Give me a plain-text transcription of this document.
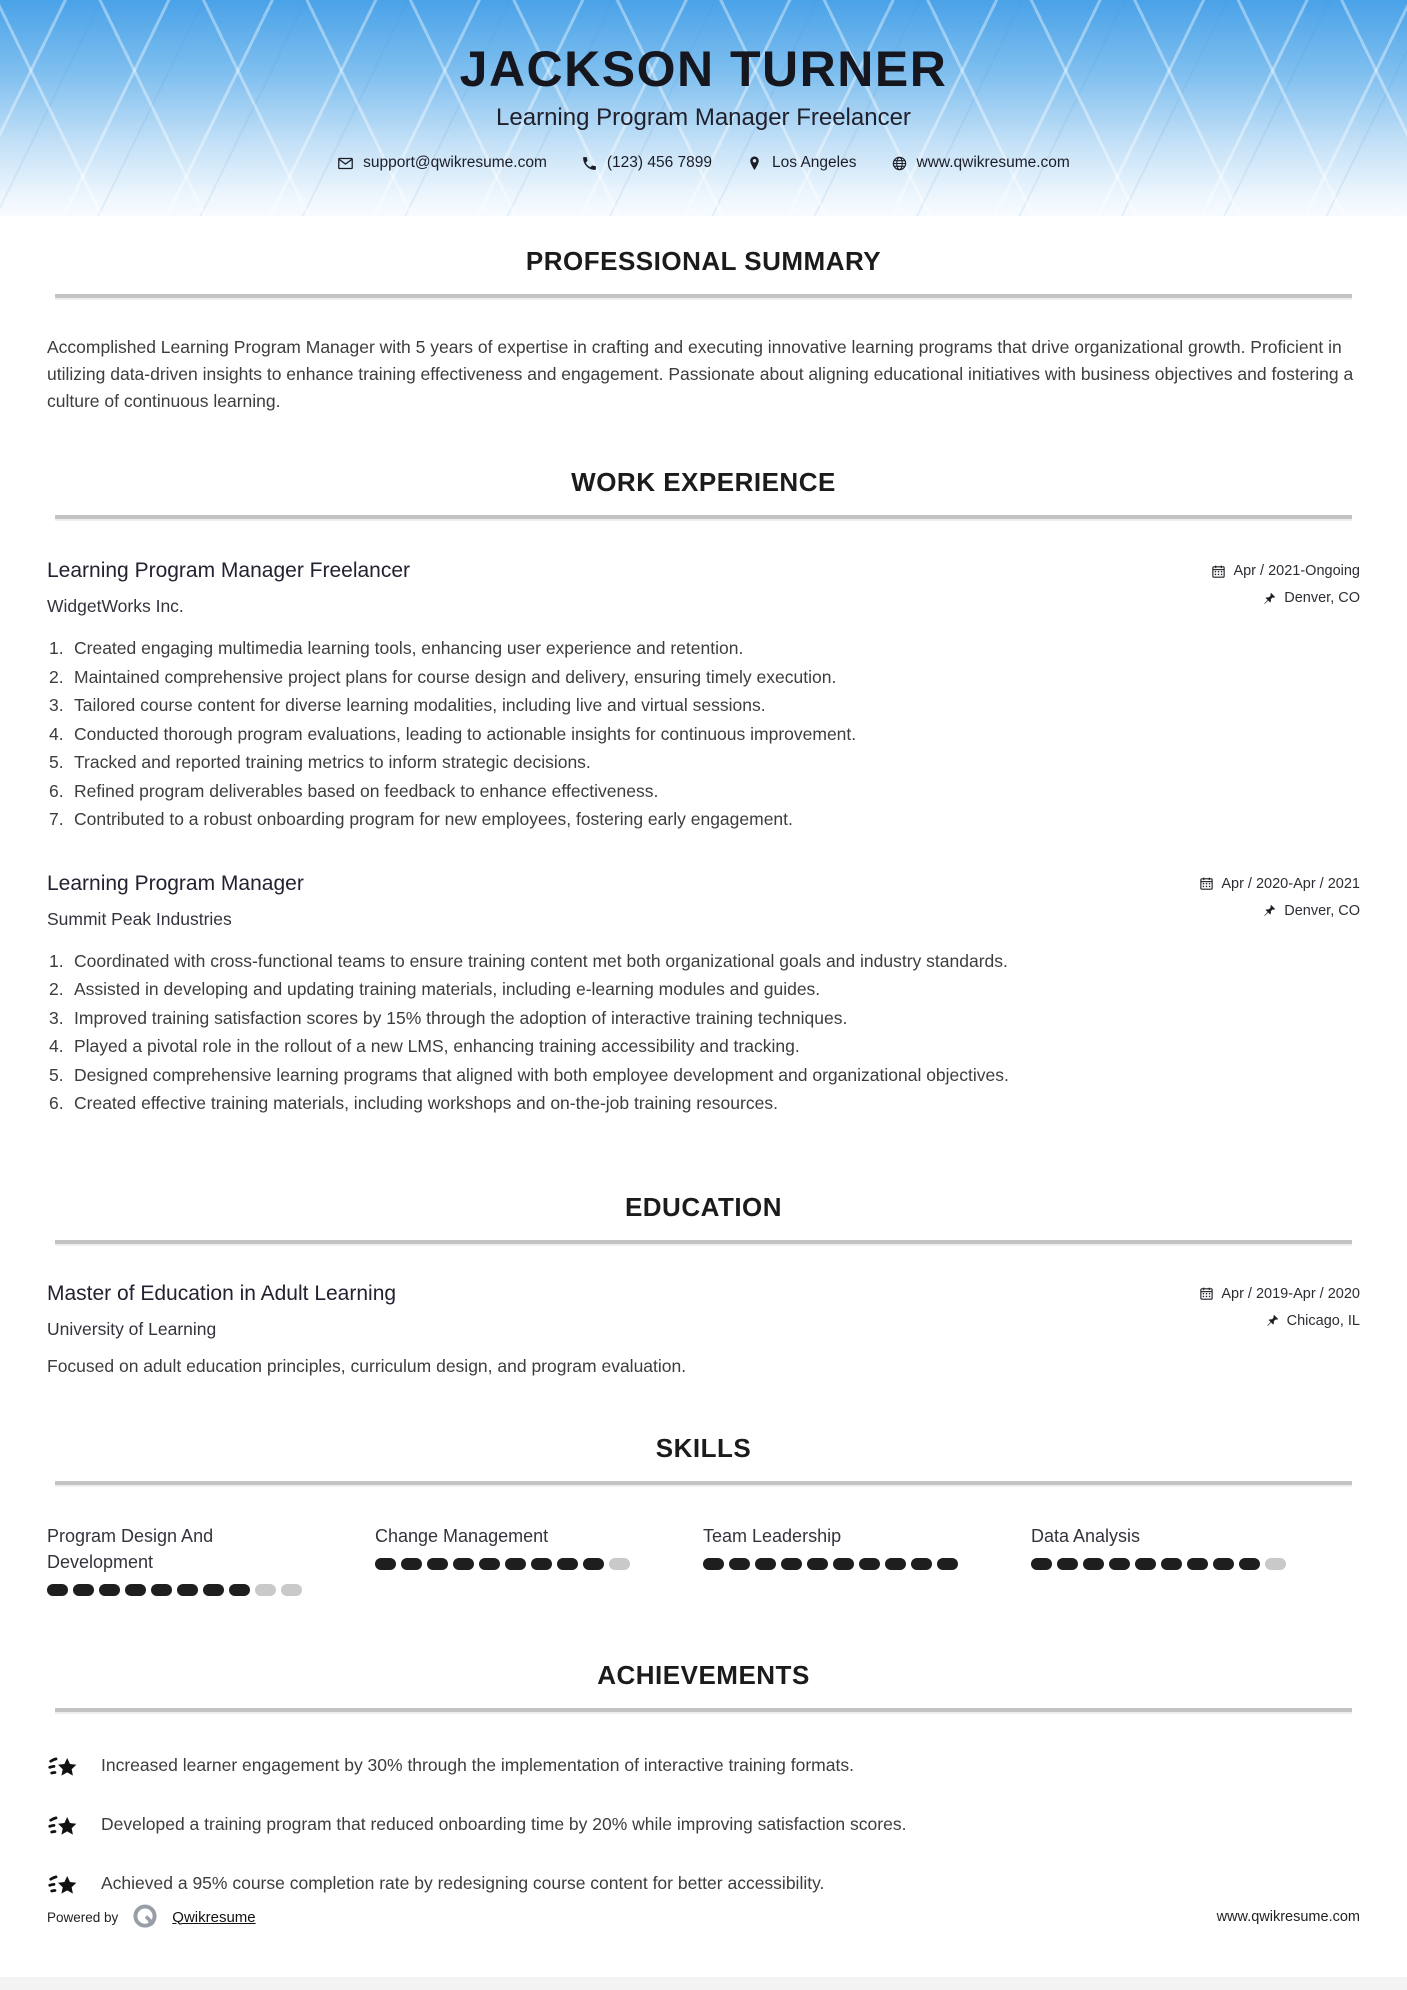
JACKSON TURNER
Learning Program Manager Freelancer
support@qwikresume.com	(123) 456 7899	Los Angeles	www.qwikresume.com
PROFESSIONAL SUMMARY

Accomplished Learning Program Manager with 5 years of expertise in crafting and executing innovative learning programs that drive organizational growth. Proficient in utilizing data-driven insights to enhance training effectiveness and engagement. Passionate about aligning educational initiatives with business objectives and fostering a culture of continuous learning.

WORK EXPERIENCE
Learning Program Manager Freelancer
WidgetWorks Inc.
Apr / 2021-Ongoing
Denver, CO
Created engaging multimedia learning tools, enhancing user experience and retention.
Maintained comprehensive project plans for course design and delivery, ensuring timely execution.
Tailored course content for diverse learning modalities, including live and virtual sessions.
Conducted thorough program evaluations, leading to actionable insights for continuous improvement.
Tracked and reported training metrics to inform strategic decisions.
Refined program deliverables based on feedback to enhance effectiveness.
Contributed to a robust onboarding program for new employees, fostering early engagement.
Learning Program Manager
Summit Peak Industries
Apr / 2020-Apr / 2021
Denver, CO
Coordinated with cross-functional teams to ensure training content met both organizational goals and industry standards.
Assisted in developing and updating training materials, including e-learning modules and guides.
Improved training satisfaction scores by 15% through the adoption of interactive training techniques.
Played a pivotal role in the rollout of a new LMS, enhancing training accessibility and tracking.
Designed comprehensive learning programs that aligned with both employee development and organizational objectives.
Created effective training materials, including workshops and on-the-job training resources.
EDUCATION
Master of Education in Adult Learning
University of Learning
Apr / 2019-Apr / 2020
Chicago, IL
Focused on adult education principles, curriculum design, and program evaluation.
SKILLS
Program Design And Development
Change Management	Team Leadership	Data Analysis
ACHIEVEMENTS
Increased learner engagement by 30% through the implementation of interactive training formats.
Developed a training program that reduced onboarding time by 20% while improving satisfaction scores.
Achieved a 95% course completion rate by redesigning course content for better accessibility.
Powered by	Qwikresume	www.qwikresume.com
